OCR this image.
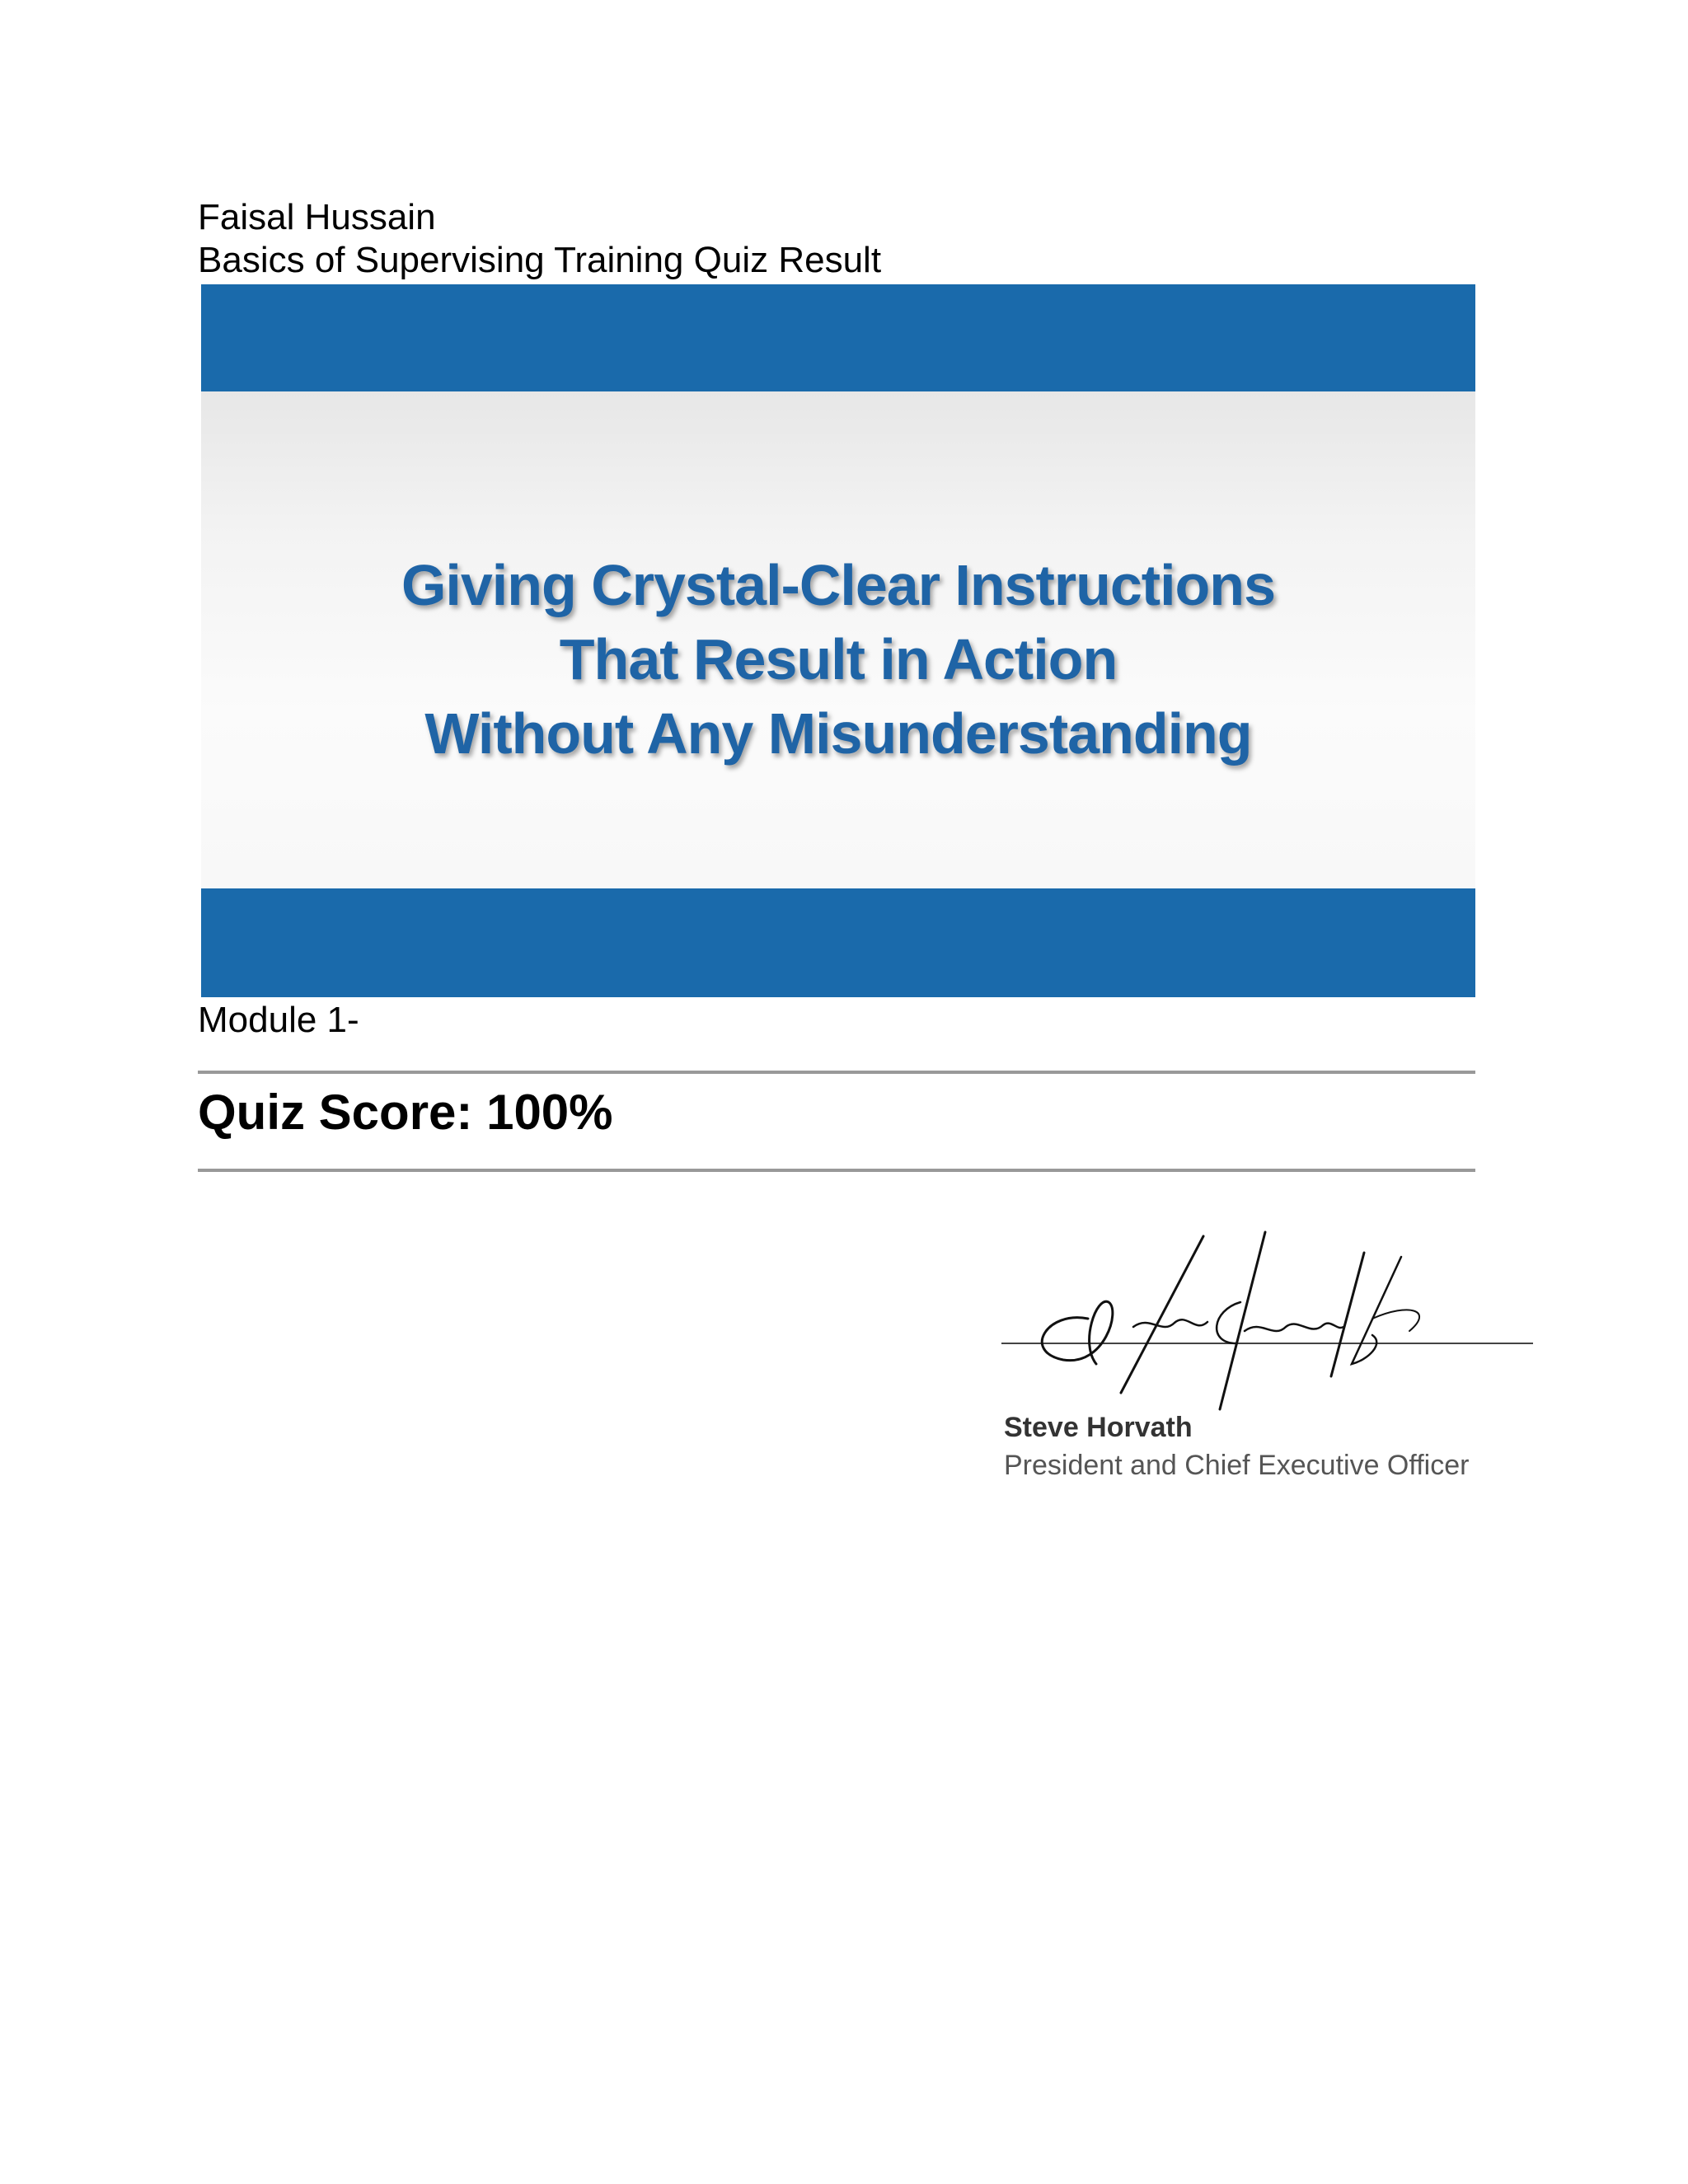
Faisal Hussain
Basics of Supervising Training Quiz Result
Giving Crystal-Clear Instructions
That Result in Action
Without Any Misunderstanding
Module 1-
Quiz Score: 100%
Steve Horvath
President and Chief Executive Officer
